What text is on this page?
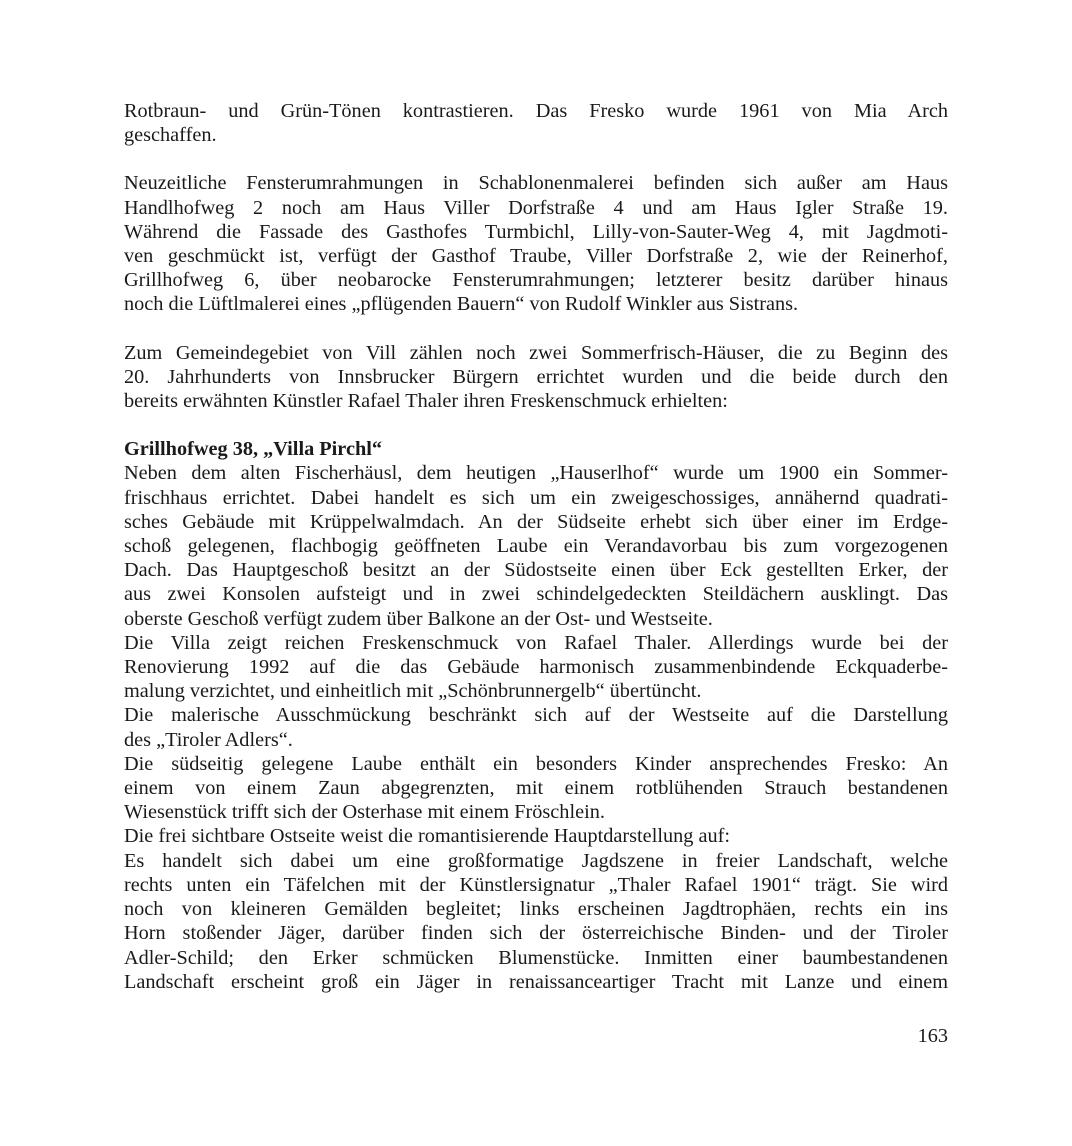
Rotbraun- und Grün-Tönen kontrastieren. Das Fresko wurde 1961 von Mia Arch
geschaffen.

Neuzeitliche Fensterumrahmungen in Schablonenmalerei befinden sich außer am Haus
Handlhofweg 2 noch am Haus Viller Dorfstraße 4 und am Haus Igler Straße 19.
Während die Fassade des Gasthofes Turmbichl, Lilly-von-Sauter-Weg 4, mit Jagdmoti-
ven geschmückt ist, verfügt der Gasthof Traube, Viller Dorfstraße 2, wie der Reinerhof,
Grillhofweg 6, über neobarocke Fensterumrahmungen; letzterer besitz darüber hinaus
noch die Lüftlmalerei eines „pflügenden Bauern“ von Rudolf Winkler aus Sistrans.

Zum Gemeindegebiet von Vill zählen noch zwei Sommerfrisch-Häuser, die zu Beginn des
20. Jahrhunderts von Innsbrucker Bürgern errichtet wurden und die beide durch den
bereits erwähnten Künstler Rafael Thaler ihren Freskenschmuck erhielten:

Grillhofweg 38, „Villa Pirchl“

Neben dem alten Fischerhäusl, dem heutigen „Hauserlhof“ wurde um 1900 ein Sommer-
frischhaus errichtet. Dabei handelt es sich um ein zweigeschossiges, annähernd quadrati-
sches Gebäude mit Krüppelwalmdach. An der Südseite erhebt sich über einer im Erdge-
schoß gelegenen, flachbogig geöffneten Laube ein Verandavorbau bis zum vorgezogenen
Dach. Das Hauptgeschoß besitzt an der Südostseite einen über Eck gestellten Erker, der
aus zwei Konsolen aufsteigt und in zwei schindelgedeckten Steildächern ausklingt. Das
oberste Geschoß verfügt zudem über Balkone an der Ost- und Westseite.

Die Villa zeigt reichen Freskenschmuck von Rafael Thaler. Allerdings wurde bei der
Renovierung 1992 auf die das Gebäude harmonisch zusammenbindende Eckquaderbe-
malung verzichtet, und einheitlich mit „Schönbrunnergelb“ übertüncht.

Die malerische Ausschmückung beschränkt sich auf der Westseite auf die Darstellung
des „Tiroler Adlers“.

Die südseitig gelegene Laube enthält ein besonders Kinder ansprechendes Fresko: An
einem von einem Zaun abgegrenzten, mit einem rotblühenden Strauch bestandenen
Wiesenstück trifft sich der Osterhase mit einem Fröschlein.

Die frei sichtbare Ostseite weist die romantisierende Hauptdarstellung auf:

Es handelt sich dabei um eine großformatige Jagdszene in freier Landschaft, welche
rechts unten ein Täfelchen mit der Künstlersignatur „Thaler Rafael 1901“ trägt. Sie wird
noch von kleineren Gemälden begleitet; links erscheinen Jagdtrophäen, rechts ein ins
Horn stoßender Jäger, darüber finden sich der österreichische Binden- und der Tiroler
Adler-Schild; den Erker schmücken Blumenstücke. Inmitten einer baumbestandenen
Landschaft erscheint groß ein Jäger in renaissanceartiger Tracht mit Lanze und einem

163
